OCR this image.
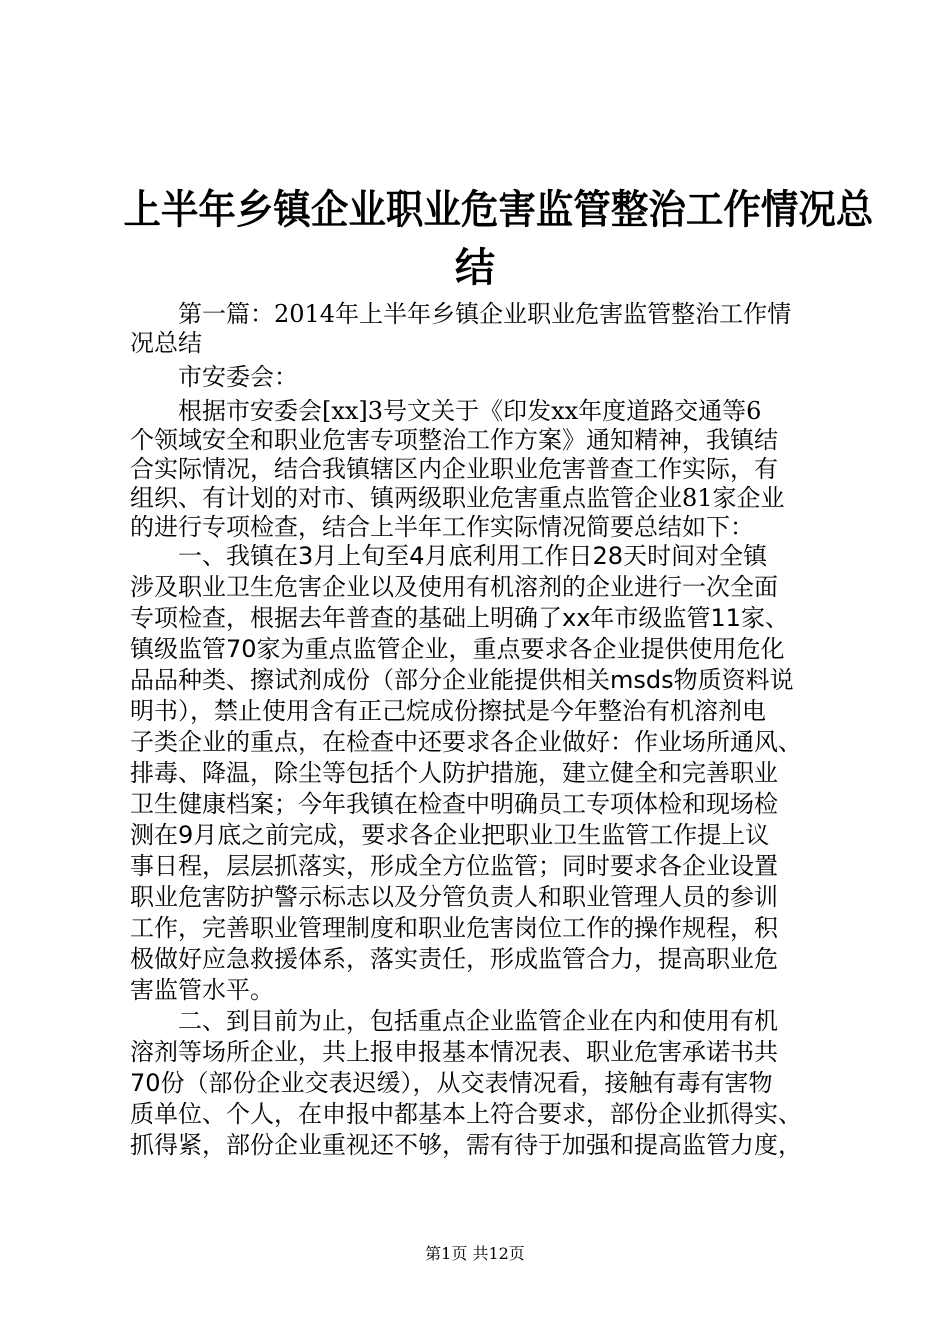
上半年乡镇企业职业危害监管整治工作情况总
结
　　第一篇：2014年上半年乡镇企业职业危害监管整治工作情
况总结
　　市安委会：
　　根据市安委会[xx]3号文关于《印发xx年度道路交通等6
个领域安全和职业危害专项整治工作方案》通知精神，我镇结
合实际情况，结合我镇辖区内企业职业危害普查工作实际，有
组织、有计划的对市、镇两级职业危害重点监管企业81家企业
的进行专项检查，结合上半年工作实际情况简要总结如下：
　　一、我镇在3月上旬至4月底利用工作日28天时间对全镇
涉及职业卫生危害企业以及使用有机溶剂的企业进行一次全面
专项检查，根据去年普查的基础上明确了xx年市级监管11家、
镇级监管70家为重点监管企业，重点要求各企业提供使用危化
品品种类、擦试剂成份（部分企业能提供相关msds物质资料说
明书），禁止使用含有正己烷成份擦拭是今年整治有机溶剂电
子类企业的重点，在检查中还要求各企业做好：作业场所通风、
排毒、降温，除尘等包括个人防护措施，建立健全和完善职业
卫生健康档案；今年我镇在检查中明确员工专项体检和现场检
测在9月底之前完成，要求各企业把职业卫生监管工作提上议
事日程，层层抓落实，形成全方位监管；同时要求各企业设置
职业危害防护警示标志以及分管负责人和职业管理人员的参训
工作，完善职业管理制度和职业危害岗位工作的操作规程，积
极做好应急救援体系，落实责任，形成监管合力，提高职业危
害监管水平。
　　二、到目前为止，包括重点企业监管企业在内和使用有机
溶剂等场所企业，共上报申报基本情况表、职业危害承诺书共
70份（部份企业交表迟缓），从交表情况看，接触有毒有害物
质单位、个人，在申报中都基本上符合要求，部份企业抓得实、
抓得紧，部份企业重视还不够，需有待于加强和提高监管力度，
第1页 共12页
